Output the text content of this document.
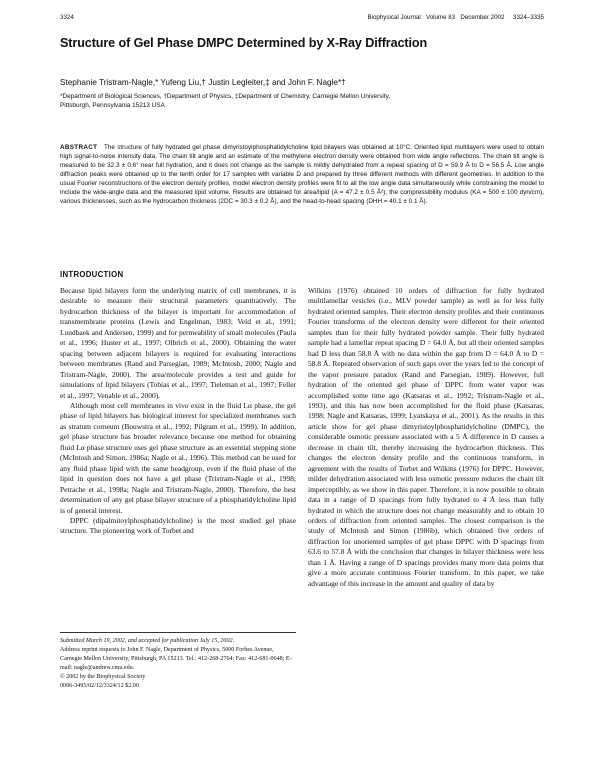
3324	Biophysical Journal Volume 83 December 2002 3324–3335
Structure of Gel Phase DMPC Determined by X-Ray Diffraction
Stephanie Tristram-Nagle,* Yufeng Liu,† Justin Legleiter,‡ and John F. Nagle*†
*Department of Biological Sciences, †Department of Physics, ‡Department of Chemistry, Carnegie Mellon University,
Pittsburgh, Pennsylvania 15213 USA
ABSTRACT The structure of fully hydrated gel phase dimyristoylphosphatidylcholine lipid bilayers was obtained at 10°C. Oriented lipid multilayers were used to obtain high signal-to-noise intensity data. The chain tilt angle and an estimate of the methylene electron density were obtained from wide angle reflections. The chain tilt angle is measured to be 32.3 ± 0.6° near full hydration, and it does not change as the sample is mildly dehydrated from a repeat spacing of D = 59.9 Å to D = 56.5 Å. Low angle diffraction peaks were obtained up to the tenth order for 17 samples with variable D and prepared by three different methods with different geometries. In addition to the usual Fourier reconstructions of the electron density profiles, model electron density profiles were fit to all the low angle data simultaneously while constraining the model to include the wide-angle data and the measured lipid volume. Results are obtained for area/lipid (A = 47.2 ± 0.5 Å²), the compressibility modulus (KA = 500 ± 100 dyn/cm), various thicknesses, such as the hydrocarbon thickness (2DC = 30.3 ± 0.2 Å), and the head-to-head spacing (DHH = 40.1 ± 0.1 Å).
INTRODUCTION

Because lipid bilayers form the underlying matrix of cell membranes, it is desirable to measure their structural parameters quantitatively. The hydrocarbon thickness of the bilayer is important for accommodation of transmembrane proteins (Lewis and Engelman, 1983; Veld et al., 1991; Lundbaek and Andersen, 1999) and for permeability of small molecules (Paula et al., 1996; Huster et al., 1997; Olbrich et al., 2000). Obtaining the water spacing between adjacent bilayers is required for evaluating interactions between membranes (Rand and Parsegian, 1989; McIntosh, 2000; Nagle and Tristram-Nagle, 2000). The area/molecule provides a test and guide for simulations of lipid bilayers (Tobias et al., 1997; Tieleman et al., 1997; Feller et al., 1997; Venable et al., 2000).

Although most cell membranes in vivo exist in the fluid Lα phase, the gel phase of lipid bilayers has biological interest for specialized membranes such as stratum corneum (Bouwstra et al., 1992; Pilgram et al., 1999). In addition, gel phase structure has broader relevance because one method for obtaining fluid Lα phase structure uses gel phase structure as an essential stepping stone (McIntosh and Simon, 1986a; Nagle et al., 1996). This method can be used for any fluid phase lipid with the same headgroup, even if the fluid phase of the lipid in question does not have a gel phase (Tristram-Nagle et al., 1998; Petrache et al., 1998a; Nagle and Tristram-Nagle, 2000). Therefore, the best determination of any gel phase bilayer structure of a phosphatidylcholine lipid is of general interest.

DPPC (dipalmitoylphosphatidylcholine) is the most studied gel phase structure. The pioneering work of Torbet and

Wilkins (1976) obtained 10 orders of diffraction for fully hydrated multilamellar vesicles (i.e., MLV powder sample) as well as for less fully hydrated oriented samples. Their electron density profiles and their continuous Fourier transforms of the electron density were different for their oriented samples than for their fully hydrated powder sample. Their fully hydrated sample had a lamellar repeat spacing D = 64.0 Å, but all their oriented samples had D less than 58.8 Å with no data within the gap from D = 64.0 Å to D = 58.8 Å. Repeated observation of such gaps over the years led to the concept of the vapor pressure paradox (Rand and Parsegian, 1989). However, full hydration of the oriented gel phase of DPPC from water vapor was accomplished some time ago (Katsaras et al., 1992; Tristram-Nagle et al., 1993), and this has now been accomplished for the fluid phase (Katsaras, 1998; Nagle and Katsaras, 1999; Lyatskaya et al., 2001). As the results in this article show for gel phase dimyristoylphosphatidylcholine (DMPC), the considerable osmotic pressure associated with a 5 Å difference in D causes a decrease in chain tilt, thereby increasing the hydrocarbon thickness. This changes the electron density profile and the continuous transform, in agreement with the results of Torbet and Wilkins (1976) for DPPC. However, milder dehydration associated with less osmotic pressure reduces the chain tilt imperceptibly, as we show in this paper. Therefore, it is now possible to obtain data in a range of D spacings from fully hydrated to 4 Å less than fully hydrated in which the structure does not change measurably and to obtain 10 orders of diffraction from oriented samples. The closest comparison is the study of McIntosh and Simon (1986b), which obtained five orders of diffraction for unoriented samples of gel phase DPPC with D spacings from 63.6 to 57.8 Å with the conclusion that changes in bilayer thickness were less than 1 Å. Having a range of D spacings provides many more data points that give a more accurate continuous Fourier transform. In this paper, we take advantage of this increase in the amount and quality of data by

Submitted March 19, 2002, and accepted for publication July 15, 2002.

Address reprint requests to John F. Nagle, Department of Physics, 5000 Forbes Avenue, Carnegie Mellon University, Pittsburgh, PA 15213. Tel.: 412-268-2764; Fax: 412-681-0648; E-mail: nagle@andrew.cmu.edu.

© 2002 by the Biophysical Society

0006-3495/02/12/3324/12 $2.00
